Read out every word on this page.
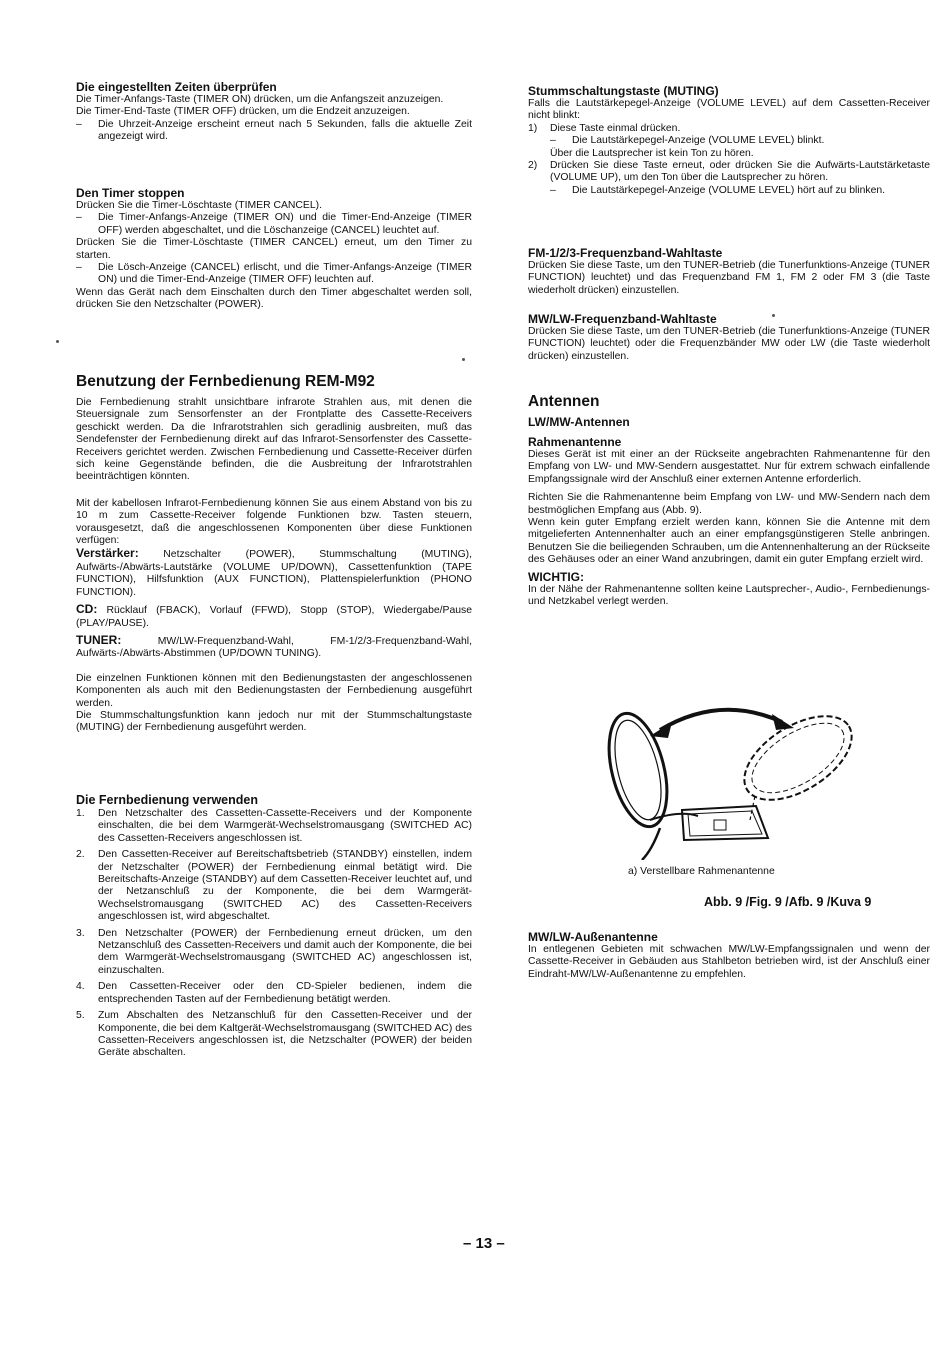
Die eingestellten Zeiten überprüfen

Die Timer-Anfangs-Taste (TIMER ON) drücken, um die Anfangszeit anzuzeigen.

Die Timer-End-Taste (TIMER OFF) drücken, um die Endzeit anzuzeigen.

–	Die Uhrzeit-Anzeige erscheint erneut nach 5 Sekunden, falls die aktuelle Zeit angezeigt wird.
Den Timer stoppen

Drücken Sie die Timer-Löschtaste (TIMER CANCEL).

–	Die Timer-Anfangs-Anzeige (TIMER ON) und die Timer-End-Anzeige (TIMER OFF) werden abgeschaltet, und die Löschanzeige (CANCEL) leuchtet auf.

Drücken Sie die Timer-Löschtaste (TIMER CANCEL) erneut, um den Timer zu starten.

–	Die Lösch-Anzeige (CANCEL) erlischt, und die Timer-Anfangs-Anzeige (TIMER ON) und die Timer-End-Anzeige (TIMER OFF) leuchten auf.

Wenn das Gerät nach dem Einschalten durch den Timer abgeschaltet werden soll, drücken Sie den Netzschalter (POWER).

Benutzung der Fernbedienung REM-M92

Die Fernbedienung strahlt unsichtbare infrarote Strahlen aus, mit denen die Steuersignale zum Sensorfenster an der Frontplatte des Cassette-Receivers geschickt werden. Da die Infrarotstrahlen sich geradlinig ausbreiten, muß das Sendefenster der Fernbedienung direkt auf das Infrarot-Sensorfenster des Cassette-Receivers gerichtet werden. Zwischen Fernbedienung und Cassette-Receiver dürfen sich keine Gegenstände befinden, die die Ausbreitung der Infrarotstrahlen beeinträchtigen könnten.

Mit der kabellosen Infrarot-Fernbedienung können Sie aus einem Abstand von bis zu 10 m zum Cassette-Receiver folgende Funktionen bzw. Tasten steuern, vorausgesetzt, daß die angeschlossenen Komponenten über diese Funktionen verfügen:

Verstärker: Netzschalter (POWER), Stummschaltung (MUTING), Aufwärts-/Abwärts-Lautstärke (VOLUME UP/DOWN), Cassettenfunktion (TAPE FUNCTION), Hilfsfunktion (AUX FUNCTION), Plattenspielerfunktion (PHONO FUNCTION).

CD: Rücklauf (FBACK), Vorlauf (FFWD), Stopp (STOP), Wiedergabe/Pause (PLAY/PAUSE).

TUNER: MW/LW-Frequenzband-Wahl, FM-1/2/3-Frequenzband-Wahl, Aufwärts-/Abwärts-Abstimmen (UP/DOWN TUNING).

Die einzelnen Funktionen können mit den Bedienungstasten der angeschlossenen Komponenten als auch mit den Bedienungstasten der Fernbedienung ausgeführt werden.

Die Stummschaltungsfunktion kann jedoch nur mit der Stummschaltungstaste (MUTING) der Fernbedienung ausgeführt werden.

Die Fernbedienung verwenden
1.	Den Netzschalter des Cassetten-Cassette-Receivers und der Komponente einschalten, die bei dem Warmgerät-Wechselstromausgang (SWITCHED AC) des Cassetten-Receivers angeschlossen ist.
2.	Den Cassetten-Receiver auf Bereitschaftsbetrieb (STANDBY) einstellen, indem der Netzschalter (POWER) der Fernbedienung einmal betätigt wird. Die Bereitschafts-Anzeige (STANDBY) auf dem Cassetten-Receiver leuchtet auf, und der Netzanschluß zu der Komponente, die bei dem Warmgerät-Wechselstromausgang (SWITCHED AC) des Cassetten-Receivers angeschlossen ist, wird abgeschaltet.
3.	Den Netzschalter (POWER) der Fernbedienung erneut drücken, um den Netzanschluß des Cassetten-Receivers und damit auch der Komponente, die bei dem Warmgerät-Wechselstromausgang (SWITCHED AC) angeschlossen ist, einzuschalten.
4.	Den Cassetten-Receiver oder den CD-Spieler bedienen, indem die entsprechenden Tasten auf der Fernbedienung betätigt werden.
5.	Zum Abschalten des Netzanschluß für den Cassetten-Receiver und der Komponente, die bei dem Kaltgerät-Wechselstromausgang (SWITCHED AC) des Cassetten-Receivers angeschlossen ist, die Netzschalter (POWER) der beiden Geräte abschalten.
Stummschaltungstaste (MUTING)

Falls die Lautstärkepegel-Anzeige (VOLUME LEVEL) auf dem Cassetten-Receiver nicht blinkt:

1)	Diese Taste einmal drücken.
–	Die Lautstärkepegel-Anzeige (VOLUME LEVEL) blinkt.

Über die Lautsprecher ist kein Ton zu hören.

2)	Drücken Sie diese Taste erneut, oder drücken Sie die Aufwärts-Lautstärketaste (VOLUME UP), um den Ton über die Lautsprecher zu hören.
–	Die Lautstärkepegel-Anzeige (VOLUME LEVEL) hört auf zu blinken.
FM-1/2/3-Frequenzband-Wahltaste

Drücken Sie diese Taste, um den TUNER-Betrieb (die Tunerfunktions-Anzeige (TUNER FUNCTION) leuchtet) und das Frequenzband FM 1, FM 2 oder FM 3 (die Taste wiederholt drücken) einzustellen.

MW/LW-Frequenzband-Wahltaste

Drücken Sie diese Taste, um den TUNER-Betrieb (die Tunerfunktions-Anzeige (TUNER FUNCTION) leuchtet) oder die Frequenzbänder MW oder LW (die Taste wiederholt drücken) einzustellen.

Antennen
LW/MW-Antennen
Rahmenantenne

Dieses Gerät ist mit einer an der Rückseite angebrachten Rahmenantenne für den Empfang von LW- und MW-Sendern ausgestattet. Nur für extrem schwach einfallende Empfangssignale wird der Anschluß einer externen Antenne erforderlich.

Richten Sie die Rahmenantenne beim Empfang von LW- und MW-Sendern nach dem bestmöglichen Empfang aus (Abb. 9).

Wenn kein guter Empfang erzielt werden kann, können Sie die Antenne mit dem mitgelieferten Antennenhalter auch an einer empfangsgünstigeren Stelle anbringen. Benutzen Sie die beiliegenden Schrauben, um die Antennenhalterung an der Rückseite des Gehäuses oder an einer Wand anzubringen, damit ein guter Empfang erzielt wird.

WICHTIG:

In der Nähe der Rahmenantenne sollten keine Lautsprecher-, Audio-, Fernbedienungs- und Netzkabel verlegt werden.

MW/LW-Außenantenne

In entlegenen Gebieten mit schwachen MW/LW-Empfangssignalen und wenn der Cassette-Receiver in Gebäuden aus Stahlbeton betrieben wird, ist der Anschluß einer Eindraht-MW/LW-Außenantenne zu empfehlen.

a) Verstellbare Rahmenantenne
Abb. 9 /Fig. 9 /Afb. 9 /Kuva 9
– 13 –
